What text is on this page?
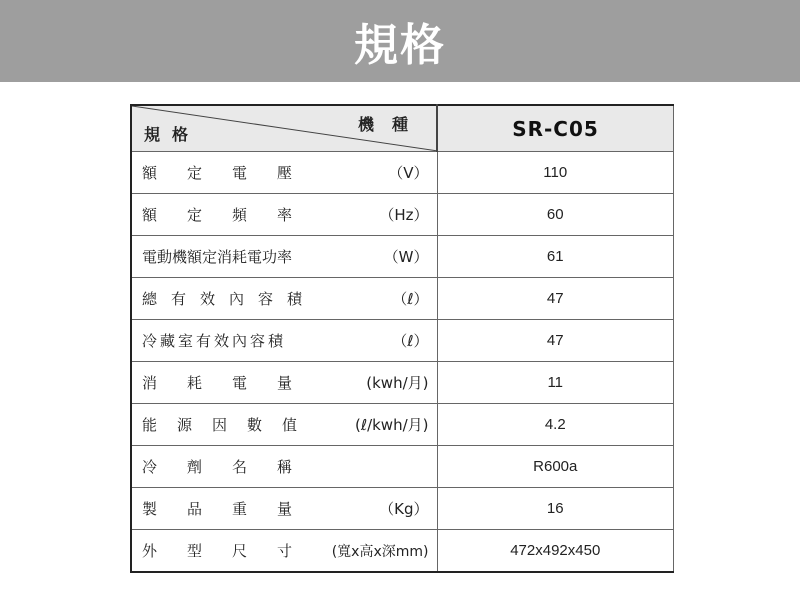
規格
規格
機種		SR-C05
額定電壓	（V）	110
額定頻率	（Hz）	60
電動機額定消耗電功率	（W）	61
總有效內容積	（ℓ）	47
冷藏室有效內容積	（ℓ）	47
消耗電量	(kwh/月)	11
能源因數值	(ℓ/kwh/月)	4.2
冷劑名稱		R600a
製品重量	（Kg）	16
外型尺寸	(寬x高x深mm)	472x492x450
